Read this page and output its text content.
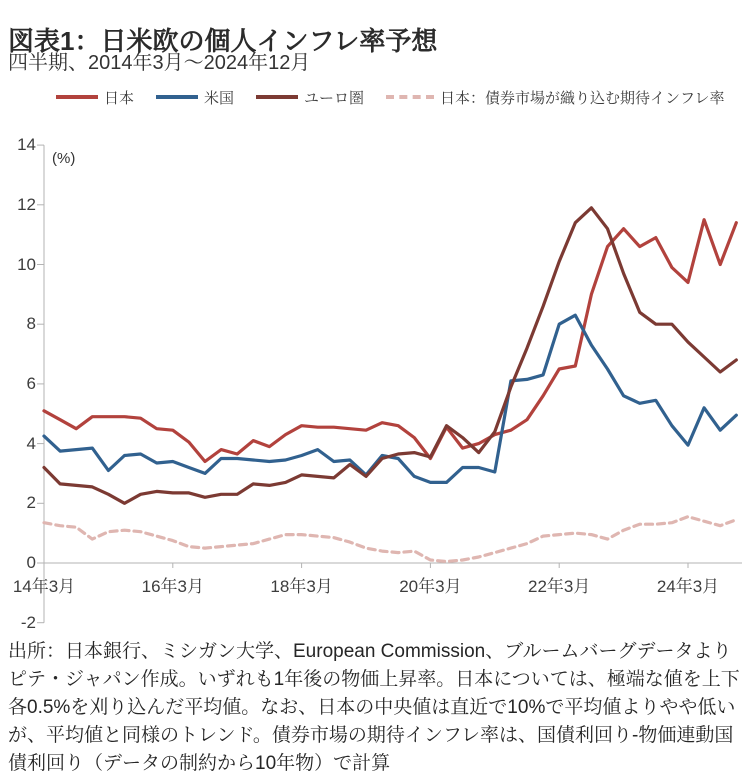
図表1：日米欧の個人インフレ率予想
四半期、2014年3月～2024年12月
日本	米国	ユーロ圏	日本：債券市場が織り込む期待インフレ率
(%)
14
12
10
8
6
4
2
0
-2
14年3月	16年3月	18年3月	20年3月	22年3月	24年3月

出所：日本銀行、ミシガン大学、European Commission、ブルームバーグデータよりピテ・ジャパン作成。いずれも1年後の物価上昇率。日本については、極端な値を上下各0.5%を刈り込んだ平均値。なお、日本の中央値は直近で10%で平均値よりやや低いが、平均値と同様のトレンド。債券市場の期待インフレ率は、国債利回り-物価連動国債利回り（データの制約から10年物）で計算
